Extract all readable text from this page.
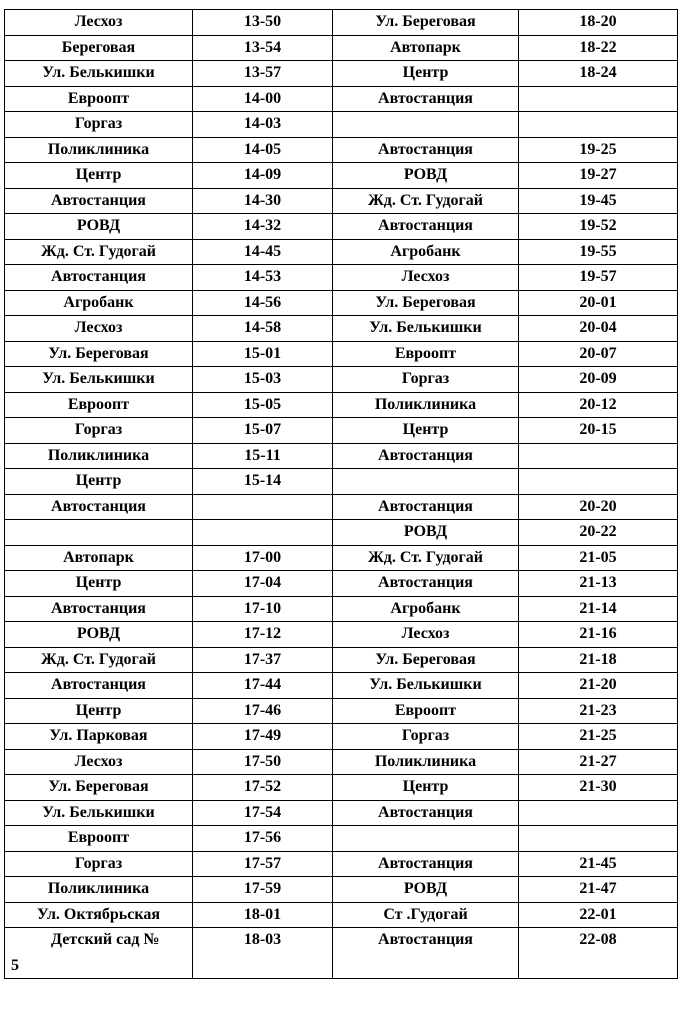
Лесхоз	13-50	Ул. Береговая	18-20
Береговая	13-54	Автопарк	18-22
Ул. Белькишки	13-57	Центр	18-24
Евроопт	14-00	Автостанция	
Горгаз	14-03		
Поликлиника	14-05	Автостанция	19-25
Центр	14-09	РОВД	19-27
Автостанция	14-30	Жд. Ст. Гудогай	19-45
РОВД	14-32	Автостанция	19-52
Жд. Ст. Гудогай	14-45	Агробанк	19-55
Автостанция	14-53	Лесхоз	19-57
Агробанк	14-56	Ул. Береговая	20-01
Лесхоз	14-58	Ул. Белькишки	20-04
Ул. Береговая	15-01	Евроопт	20-07
Ул. Белькишки	15-03	Горгаз	20-09
Евроопт	15-05	Поликлиника	20-12
Горгаз	15-07	Центр	20-15
Поликлиника	15-11	Автостанция	
Центр	15-14		
Автостанция		Автостанция	20-20
		РОВД	20-22
Автопарк	17-00	Жд. Ст. Гудогай	21-05
Центр	17-04	Автостанция	21-13
Автостанция	17-10	Агробанк	21-14
РОВД	17-12	Лесхоз	21-16
Жд. Ст. Гудогай	17-37	Ул. Береговая	21-18
Автостанция	17-44	Ул. Белькишки	21-20
Центр	17-46	Евроопт	21-23
Ул. Парковая	17-49	Горгаз	21-25
Лесхоз	17-50	Поликлиника	21-27
Ул. Береговая	17-52	Центр	21-30
Ул. Белькишки	17-54	Автостанция	
Евроопт	17-56		
Горгаз	17-57	Автостанция	21-45
Поликлиника	17-59	РОВД	21-47
Ул. Октябрьская	18-01	Ст .Гудогай	22-01

Детский сад №
5	18-03	Автостанция	22-08
